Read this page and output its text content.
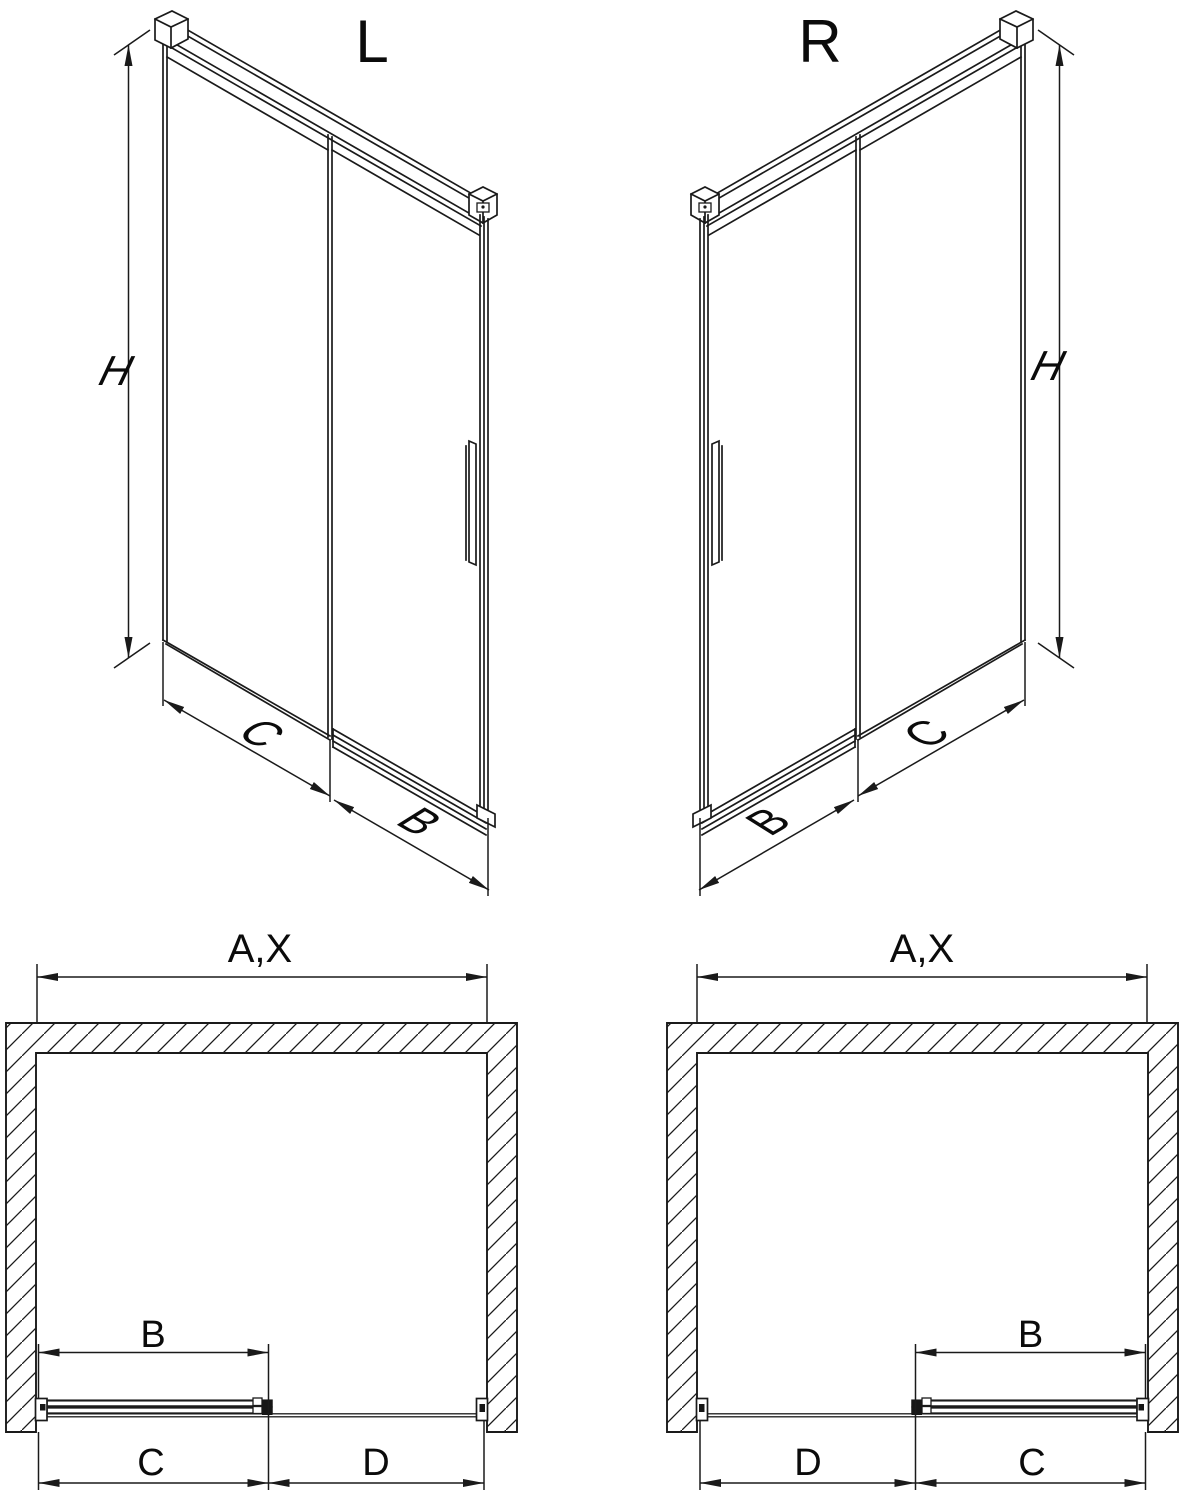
L
H
C
B
R
H
C
B
A,X
B
C	D
A,X
B
C
D
